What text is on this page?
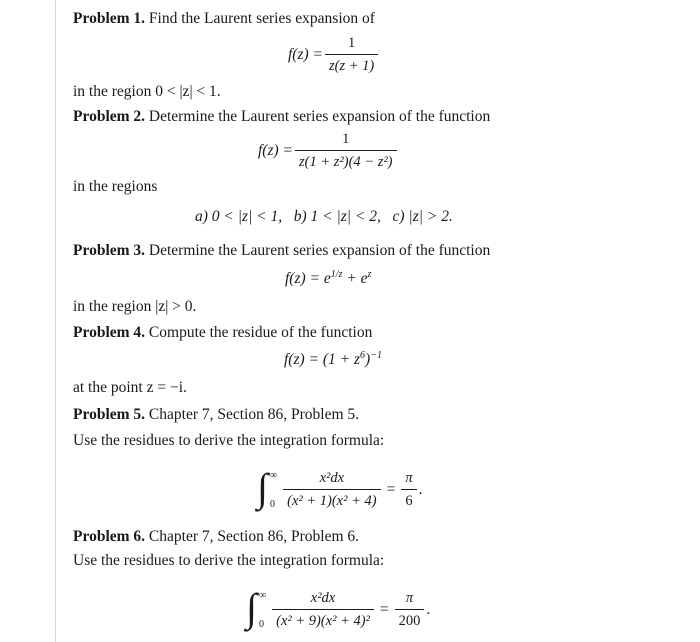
Problem 1. Find the Laurent series expansion of
$f(z) = \frac{1}{z(z + 1)}$
in the region 0 < |z| < 1.
Problem 2. Determine the Laurent series expansion of the function
$f(z) = \frac{1}{\text{z(1 + z²)(4 − z²)}}$
in the regions
a) 0 < |z| < 1,   b) 1 < |z| < 2,   c) |z| > 2.
Problem 3. Determine the Laurent series expansion of the function
$f(z) = e^{1/z} + e^z$
in the region |z| > 0.
Problem 4. Compute the residue of the function
$f(z) = (1 + z^6)^{-1}$
at the point z = −i.
Problem 5. Chapter 7, Section 86, Problem 5.
Use the residues to derive the integration formula:
∫ ∞
$0 \frac{\text{x²dx}}{\text{(x² + 1)(x² + 4)}} = \frac{\pi}{6}$ .
Problem 6. Chapter 7, Section 86, Problem 6.
Use the residues to derive the integration formula:
∫ ∞
$0 \frac{\text{x²dx}}{\text{(x² + 9)(x² + 4)²}} = \frac{\pi}{200}$ .
